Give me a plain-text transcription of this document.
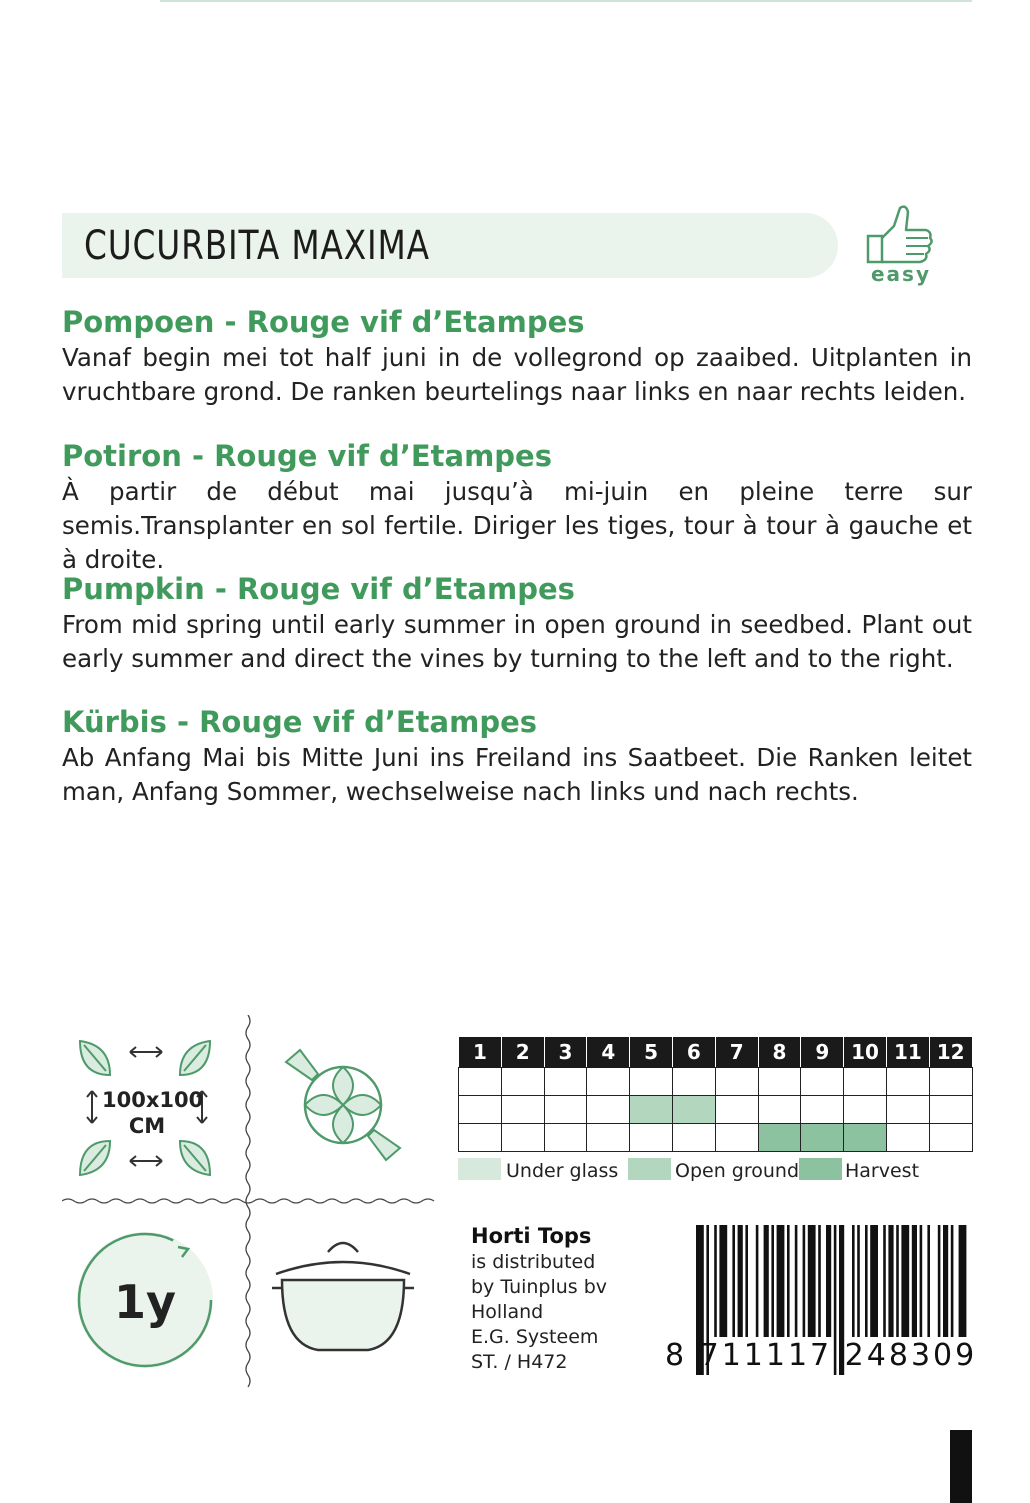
CUCURBITA MAXIMA
easy

Pompoen - Rouge vif d’Etampes

Vanaf begin mei tot half juni in de vollegrond op zaaibed. Uitplanten in vruchtbare grond. De ranken beurtelings naar links en naar rechts leiden.

Potiron - Rouge vif d’Etampes

À partir de début mai jusqu’à mi-juin en pleine terre sur semis.Transplanter en sol fertile. Diriger les tiges, tour à tour à gauche et à droite.

Pumpkin - Rouge vif d’Etampes

From mid spring until early summer in open ground in seedbed. Plant out early summer and direct the vines by turning to the left and to the right.

Kürbis - Rouge vif d’Etampes

Ab Anfang Mai bis Mitte Juni ins Freiland ins Saatbeet. Die Ranken leitet man, Anfang Sommer, wechselweise nach links und nach rechts.

100x100
CM
1y
1	2	3	4	5	6	7	8	9	10	11	12

Under glass	Open ground Harvest
Horti Tops
is distributed
by Tuinplus bv
Holland
E.G. Systeem
ST. / H472	8 711117 248309
